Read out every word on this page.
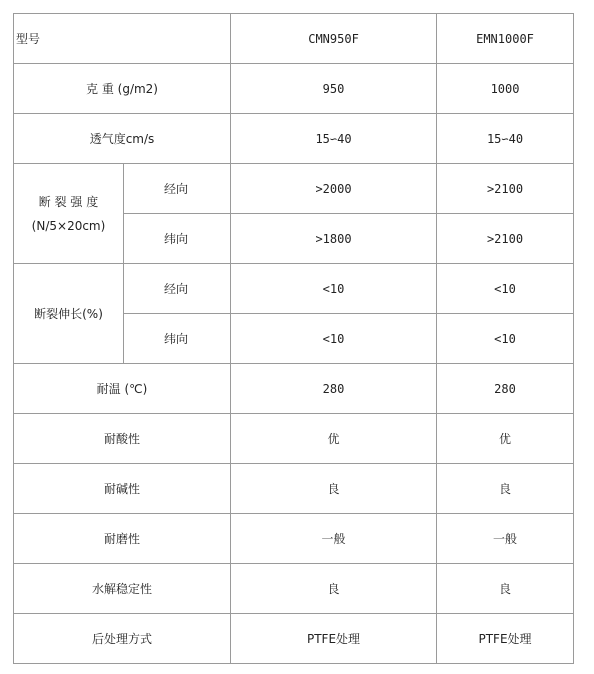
型号		CMN950F	EMN1000F
克 重 (g/m2)		950	1000
透气度cm/s		15∽40	15∽40

断 裂 强 度
(N/5×20cm)	经向	>2000	>2100
	纬向	>1800	>2100
断裂伸长(%)	经向	<10	<10
	纬向	<10	<10
耐温 (℃)		280	280
耐酸性		优	优
耐碱性		良	良
耐磨性		一般	一般
水解稳定性		良	良
后处理方式		PTFE处理	PTFE处理
